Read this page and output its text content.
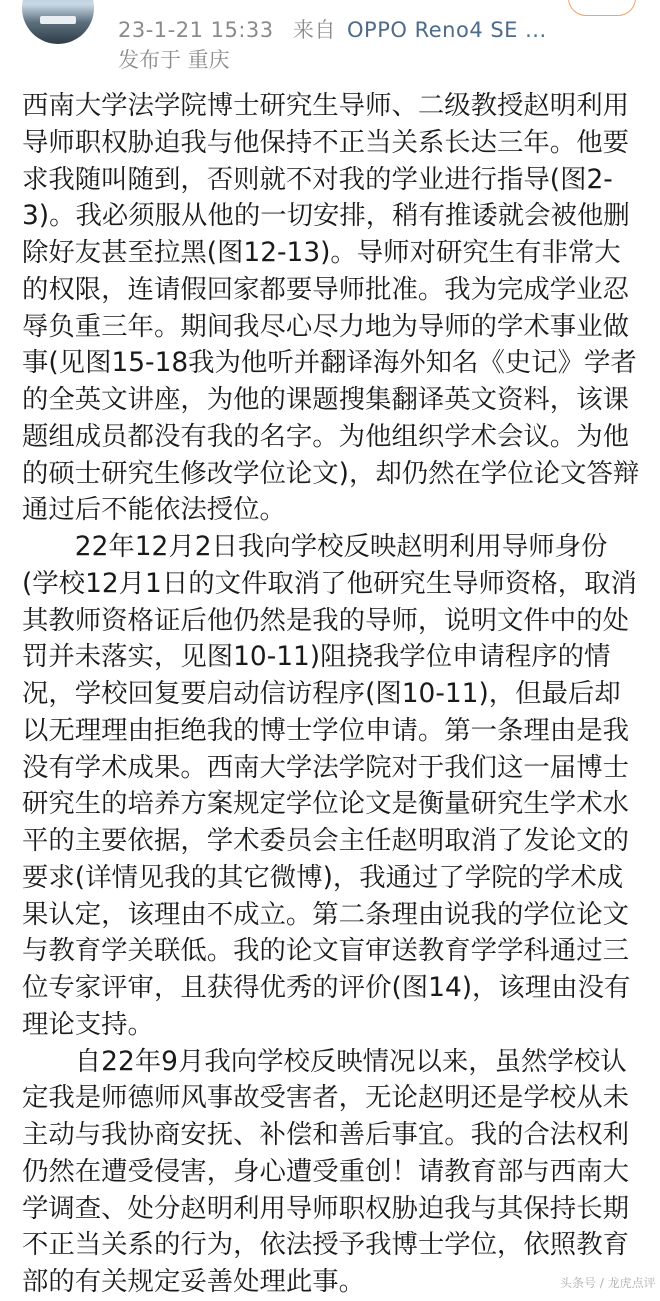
23-1-21 15:33 来自 OPPO Reno4 SE ...
发布于 重庆

西南大学法学院博士研究生导师、二级教授赵明利用导师职权胁迫我与他保持不正当关系长达三年。他要求我随叫随到，否则就不对我的学业进行指导(图2-3)。我必须服从他的一切安排，稍有推诿就会被他删除好友甚至拉黑(图12-13)。导师对研究生有非常大的权限，连请假回家都要导师批准。我为完成学业忍辱负重三年。期间我尽心尽力地为导师的学术事业做事(见图15-18我为他听并翻译海外知名《史记》学者的全英文讲座，为他的课题搜集翻译英文资料，该课题组成员都没有我的名字。为他组织学术会议。为他的硕士研究生修改学位论文)，却仍然在学位论文答辩通过后不能依法授位。

22年12月2日我向学校反映赵明利用导师身份(学校12月1日的文件取消了他研究生导师资格，取消其教师资格证后他仍然是我的导师，说明文件中的处罚并未落实，见图10-11)阻挠我学位申请程序的情况，学校回复要启动信访程序(图10-11)，但最后却以无理理由拒绝我的博士学位申请。第一条理由是我没有学术成果。西南大学法学院对于我们这一届博士研究生的培养方案规定学位论文是衡量研究生学术水平的主要依据，学术委员会主任赵明取消了发论文的要求(详情见我的其它微博)，我通过了学院的学术成果认定，该理由不成立。第二条理由说我的学位论文与教育学关联低。我的论文盲审送教育学学科通过三位专家评审，且获得优秀的评价(图14)，该理由没有理论支持。

自22年9月我向学校反映情况以来，虽然学校认定我是师德师风事故受害者，无论赵明还是学校从未主动与我协商安抚、补偿和善后事宜。我的合法权利仍然在遭受侵害，身心遭受重创！请教育部与西南大学调查、处分赵明利用导师职权胁迫我与其保持长期不正当关系的行为，依法授予我博士学位，依照教育部的有关规定妥善处理此事。	头条号 / 龙虎点评
